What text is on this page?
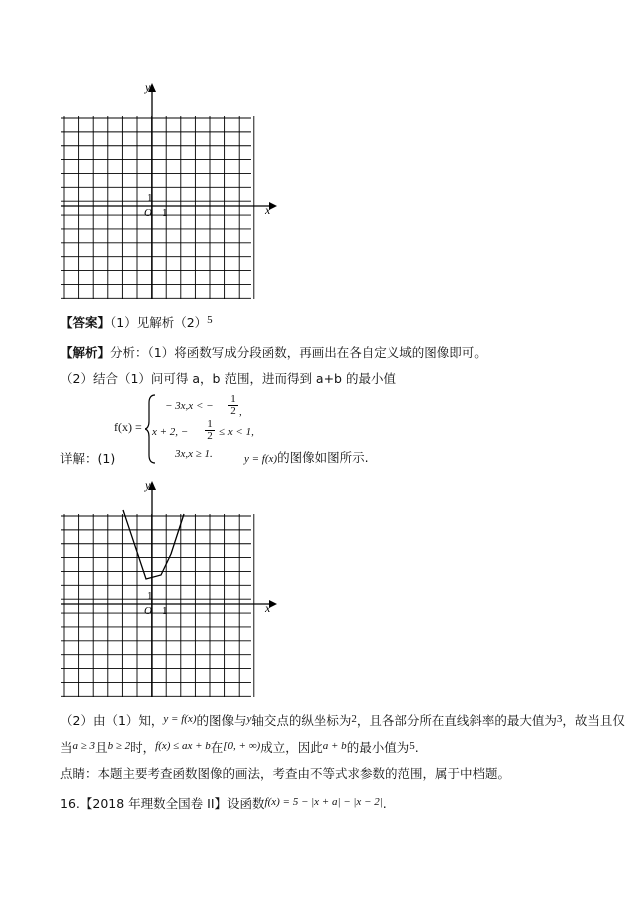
y
x
O 1
1
【答案】（1）见解析（2）5
【解析】分析：（1）将函数写成分段函数，再画出在各自定义域的图像即可。
（2）结合（1）问可得 a，b 范围，进而得到 a+b 的最小值
f(x) =
− 3x,x < − $\frac{1}{2}$ ,
x + 2, − $\frac{1}{2} \le x < 1$,
3x,x ≥ 1.
详解：(1)	y = f(x)的图像如图所示.
y
x
O 1
1
（2）由（1）知，y = f(x)的图像与y轴交点的纵坐标为2，且各部分所在直线斜率的最大值为3，故当且仅
当a ≥ 3且b ≥ 2时，f(x) ≤ ax + b在[0, + ∞)成立，因此a + b的最小值为5.
点睛：本题主要考查函数图像的画法，考查由不等式求参数的范围，属于中档题。
16.【2018 年理数全国卷 II】设函数f(x) = 5 − |x + a| − |x − 2|.
